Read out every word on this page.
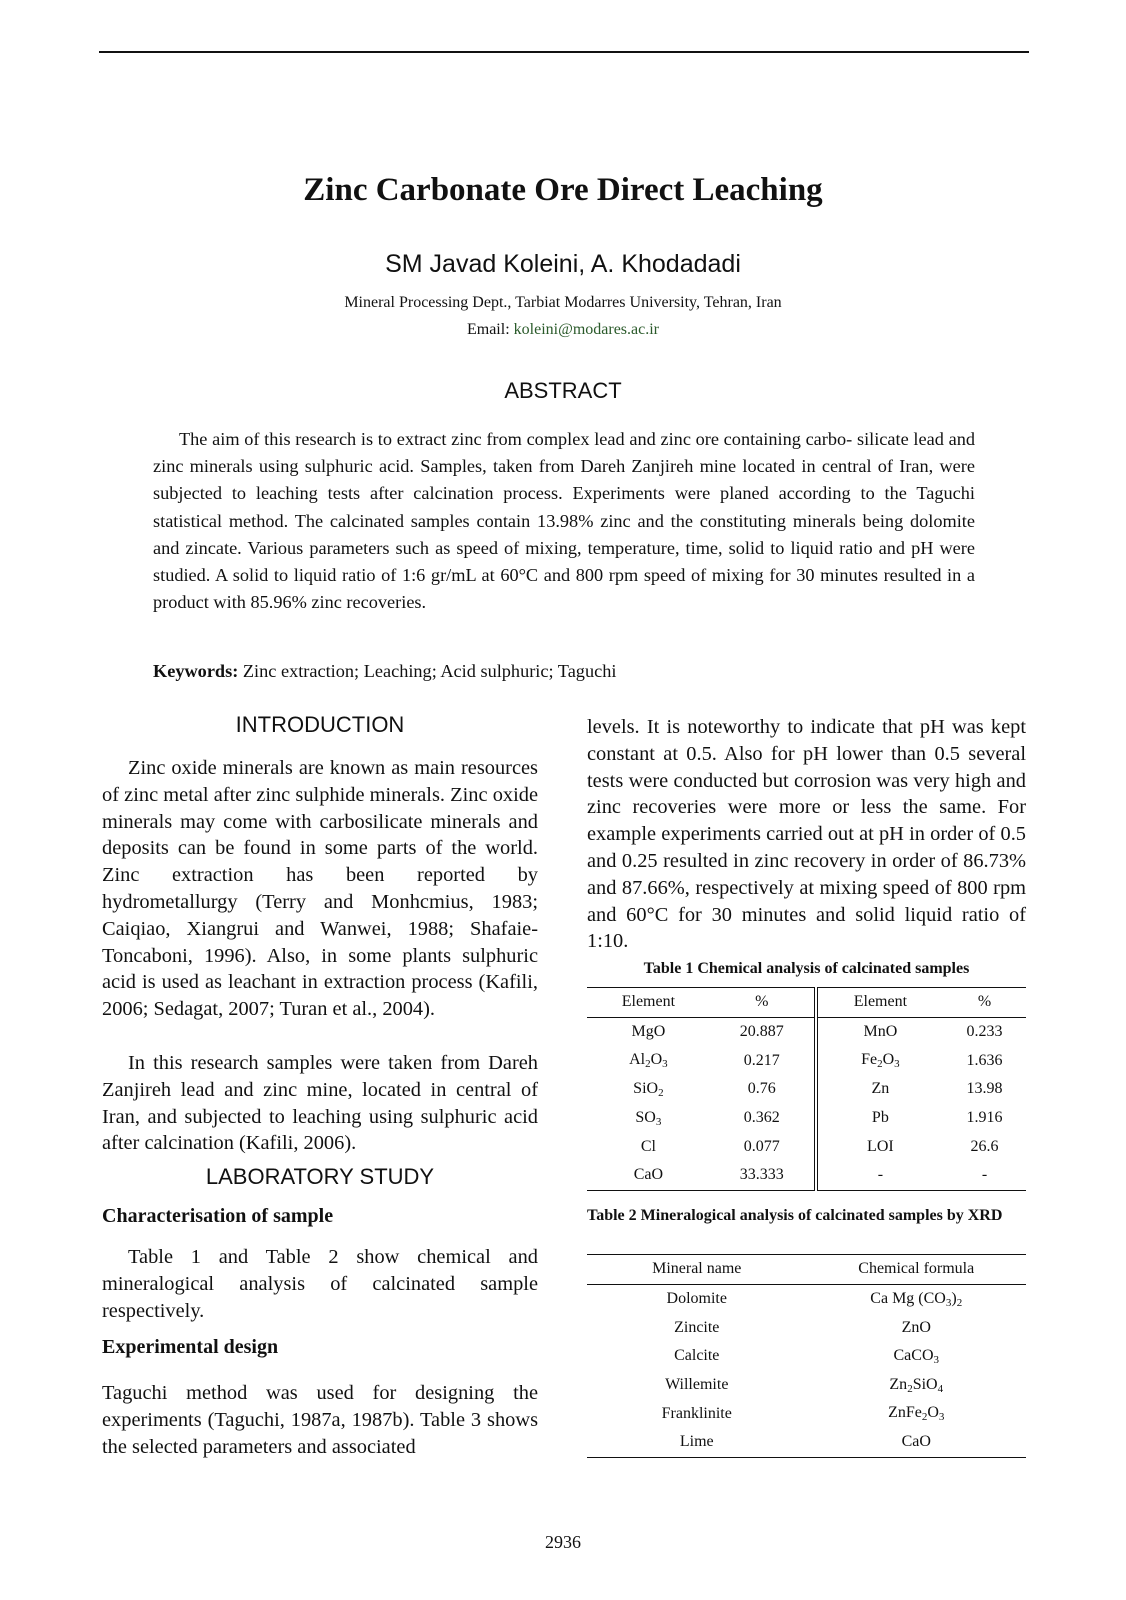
Zinc Carbonate Ore Direct Leaching
SM Javad Koleini, A. Khodadadi
Mineral Processing Dept., Tarbiat Modarres University, Tehran, Iran
Email: koleini@modares.ac.ir
ABSTRACT

The aim of this research is to extract zinc from complex lead and zinc ore containing carbo- silicate lead and zinc minerals using sulphuric acid. Samples, taken from Dareh Zanjireh mine located in central of Iran, were subjected to leaching tests after calcination process. Experiments were planed according to the Taguchi statistical method. The calcinated samples contain 13.98% zinc and the constituting minerals being dolomite and zincate. Various parameters such as speed of mixing, temperature, time, solid to liquid ratio and pH were studied. A solid to liquid ratio of 1:6 gr/mL at 60°C and 800 rpm speed of mixing for 30 minutes resulted in a product with 85.96% zinc recoveries.

Keywords: Zinc extraction; Leaching; Acid sulphuric; Taguchi
INTRODUCTION

Zinc oxide minerals are known as main resources of zinc metal after zinc sulphide minerals. Zinc oxide minerals may come with carbosilicate minerals and deposits can be found in some parts of the world. Zinc extraction has been reported by hydrometallurgy (Terry and Monhcmius, 1983; Caiqiao, Xiangrui and Wanwei, 1988; Shafaie-Toncaboni, 1996). Also, in some plants sulphuric acid is used as leachant in extraction process (Kafili, 2006; Sedagat, 2007; Turan et al., 2004).

In this research samples were taken from Dareh Zanjireh lead and zinc mine, located in central of Iran, and subjected to leaching using sulphuric acid after calcination (Kafili, 2006).

LABORATORY STUDY
Characterisation of sample

Table 1 and Table 2 show chemical and mineralogical analysis of calcinated sample respectively.

Experimental design

Taguchi method was used for designing the experiments (Taguchi, 1987a, 1987b). Table 3 shows the selected parameters and associated

levels. It is noteworthy to indicate that pH was kept constant at 0.5. Also for pH lower than 0.5 several tests were conducted but corrosion was very high and zinc recoveries were more or less the same. For example experiments carried out at pH in order of 0.5 and 0.25 resulted in zinc recovery in order of 86.73% and 87.66%, respectively at mixing speed of 800 rpm and 60°C for 30 minutes and solid liquid ratio of 1:10.

Table 1 Chemical analysis of calcinated samples
Element	%	Element	%
MgO	20.887	MnO	0.233
$Al_2O_3$	0.217	$Fe_2O_3$	1.636
SiO$_2$	0.76	Zn	13.98
$SO_3$	0.362	Pb	1.916
Cl	0.077	LOI	26.6
CaO	33.333	-	-
Table 2 Mineralogical analysis of calcinated samples by XRD
Mineral name	Chemical formula
Dolomite	Ca Mg $(CO_3)_2$
Zincite	ZnO
Calcite	CaCO$_3$
Willemite	$Zn_2SiO_4$
Franklinite	$ZnFe_2O_3$
Lime	CaO
2936
